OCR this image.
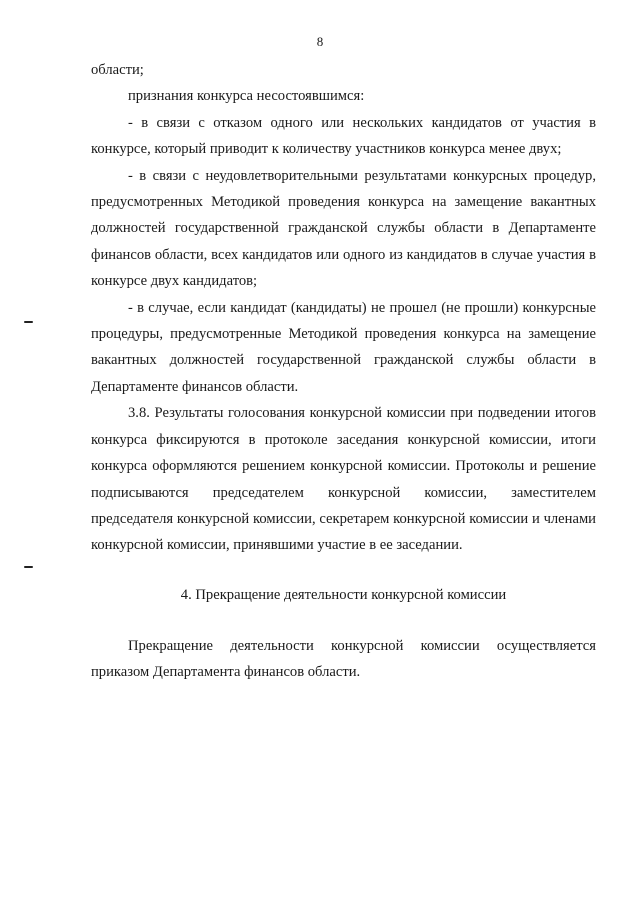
8

области;

признания конкурса несостоявшимся:

- в связи с отказом одного или нескольких кандидатов от участия в конкурсе, который приводит к количеству участников конкурса менее двух;

- в связи с неудовлетворительными результатами конкурсных процедур, предусмотренных Методикой проведения конкурса на замещение вакантных должностей государственной гражданской службы области в Департаменте финансов области, всех кандидатов или одного из кандидатов в случае участия в конкурсе двух кандидатов;

- в случае, если кандидат (кандидаты) не прошел (не прошли) конкурсные процедуры, предусмотренные Методикой проведения конкурса на замещение вакантных должностей государственной гражданской службы области в Департаменте финансов области.

3.8. Результаты голосования конкурсной комиссии при подведении итогов конкурса фиксируются в протоколе заседания конкурсной комиссии, итоги конкурса оформляются решением конкурсной комиссии. Протоколы и решение подписываются председателем конкурсной комиссии, заместителем председателя конкурсной комиссии, секретарем конкурсной комиссии и членами конкурсной комиссии, принявшими участие в ее заседании.

4. Прекращение деятельности конкурсной комиссии

Прекращение деятельности конкурсной комиссии осуществляется приказом Департамента финансов области.
